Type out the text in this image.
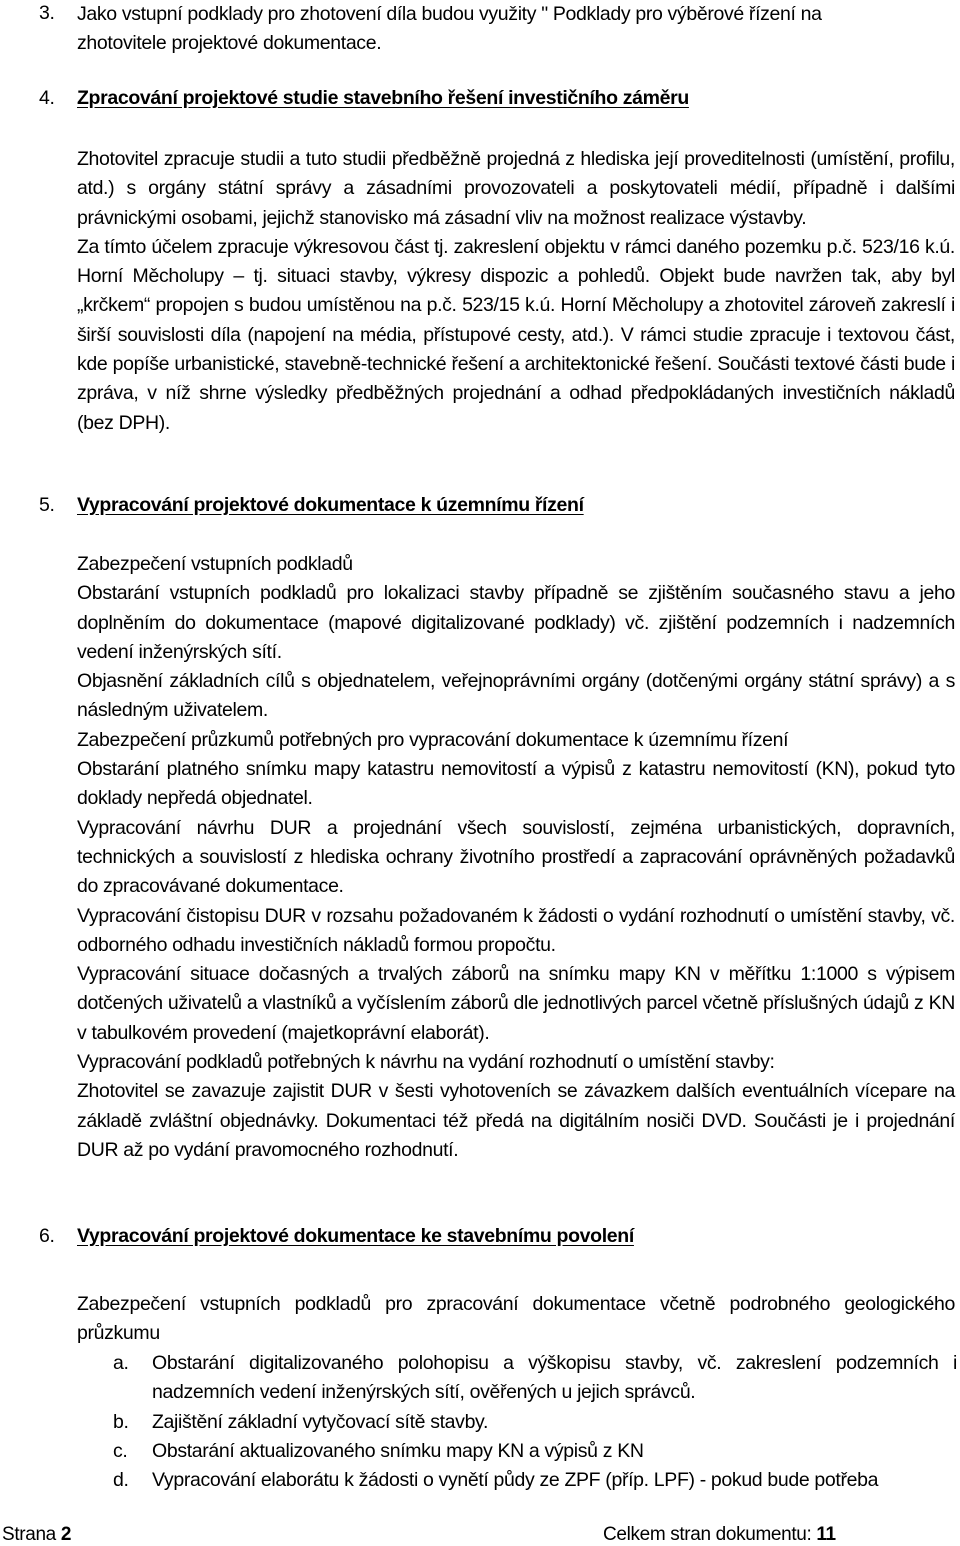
3.	Jako vstupní podklady pro zhotovení díla budou využity " Podklady pro výběrové řízení na

zhotovitele projektové dokumentace.

4.	Zpracování projektové studie stavebního řešení investičního záměru

Zhotovitel zpracuje studii a tuto studii předběžně projedná z hlediska její proveditelnosti (umístění, profilu, atd.) s orgány státní správy a zásadními provozovateli a poskytovateli médií, případně i dalšími právnickými osobami, jejichž stanovisko má zásadní vliv na možnost realizace výstavby.

Za tímto účelem zpracuje výkresovou část tj. zakreslení objektu v rámci daného pozemku p.č. 523/16 k.ú. Horní Měcholupy – tj. situaci stavby, výkresy dispozic a pohledů. Objekt bude navržen tak, aby byl „krčkem“ propojen s budou umístěnou na p.č. 523/15 k.ú. Horní Měcholupy a zhotovitel zároveň zakreslí i širší souvislosti díla (napojení na média, přístupové cesty, atd.). V rámci studie zpracuje i textovou část, kde popíše urbanistické, stavebně-technické řešení a architektonické řešení. Součásti textové části bude i zpráva, v níž shrne výsledky předběžných projednání a odhad předpokládaných investičních nákladů (bez DPH).

5.	Vypracování projektové dokumentace k územnímu řízení

Zabezpečení vstupních podkladů

Obstarání vstupních podkladů pro lokalizaci stavby případně se zjištěním současného stavu a jeho doplněním do dokumentace (mapové digitalizované podklady) vč. zjištění podzemních i nadzemních vedení inženýrských sítí.

Objasnění základních cílů s objednatelem, veřejnoprávními orgány (dotčenými orgány státní správy) a s následným uživatelem.

Zabezpečení průzkumů potřebných pro vypracování dokumentace k územnímu řízení

Obstarání platného snímku mapy katastru nemovitostí a výpisů z katastru nemovitostí (KN), pokud tyto doklady nepředá objednatel.

Vypracování návrhu DUR a projednání všech souvislostí, zejména urbanistických, dopravních, technických a souvislostí z hlediska ochrany životního prostředí a zapracování oprávněných požadavků do zpracovávané dokumentace.

Vypracování čistopisu DUR v rozsahu požadovaném k žádosti o vydání rozhodnutí o umístění stavby, vč. odborného odhadu investičních nákladů formou propočtu.

Vypracování situace dočasných a trvalých záborů na snímku mapy KN v měřítku 1:1000 s výpisem dotčených uživatelů a vlastníků a vyčíslením záborů dle jednotlivých parcel včetně příslušných údajů z KN v tabulkovém provedení (majetkoprávní elaborát).

Vypracování podkladů potřebných k návrhu na vydání rozhodnutí o umístění stavby:

Zhotovitel se zavazuje zajistit DUR v šesti vyhotoveních se závazkem dalších eventuálních vícepare na základě zvláštní objednávky. Dokumentaci též předá na digitálním nosiči DVD. Součásti je i projednání DUR až po vydání pravomocného rozhodnutí.

6.	Vypracování projektové dokumentace ke stavebnímu povolení

Zabezpečení vstupních podkladů pro zpracování dokumentace včetně podrobného geologického průzkumu

a. Obstarání digitalizovaného polohopisu a výškopisu stavby, vč. zakreslení podzemních i nadzemních vedení inženýrských sítí, ověřených u jejich správců.
b. Zajištění základní vytyčovací sítě stavby.
c. Obstarání aktualizovaného snímku mapy KN a výpisů z KN
d. Vypracování elaborátu k žádosti o vynětí půdy ze ZPF (příp. LPF) - pokud bude potřeba
Strana 2	Celkem stran dokumentu: 11
